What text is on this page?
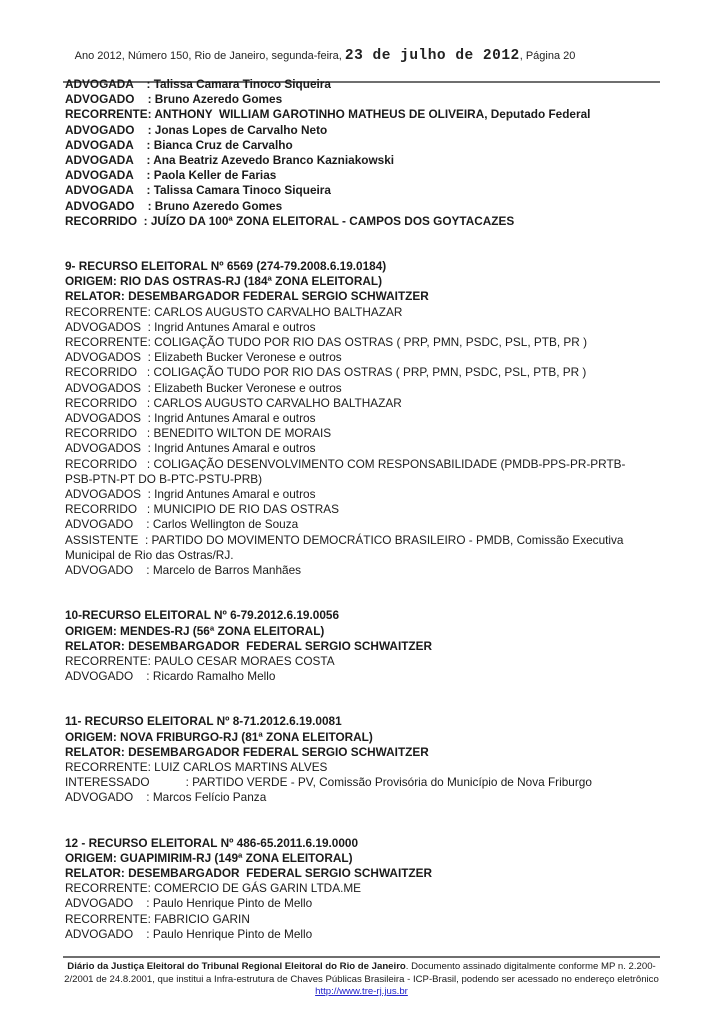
Ano 2012, Número 150, Rio de Janeiro, segunda-feira, 23 de julho de 2012, Página 20

ADVOGADA    : Talissa Camara Tinoco Siqueira
ADVOGADO    : Bruno Azeredo Gomes
RECORRENTE: ANTHONY  WILLIAM GAROTINHO MATHEUS DE OLIVEIRA, Deputado Federal
ADVOGADO    : Jonas Lopes de Carvalho Neto
ADVOGADA    : Bianca Cruz de Carvalho
ADVOGADA    : Ana Beatriz Azevedo Branco Kazniakowski
ADVOGADA    : Paola Keller de Farias
ADVOGADA    : Talissa Camara Tinoco Siqueira
ADVOGADO    : Bruno Azeredo Gomes
RECORRIDO  : JUÍZO DA 100ª ZONA ELEITORAL - CAMPOS DOS GOYTACAZES
9- RECURSO ELEITORAL Nº 6569 (274-79.2008.6.19.0184)
ORIGEM: RIO DAS OSTRAS-RJ (184ª ZONA ELEITORAL)
RELATOR: DESEMBARGADOR FEDERAL SERGIO SCHWAITZER
RECORRENTE: CARLOS AUGUSTO CARVALHO BALTHAZAR
ADVOGADOS  : Ingrid Antunes Amaral e outros
RECORRENTE: COLIGAÇÃO TUDO POR RIO DAS OSTRAS ( PRP, PMN, PSDC, PSL, PTB, PR )
ADVOGADOS  : Elizabeth Bucker Veronese e outros
RECORRIDO   : COLIGAÇÃO TUDO POR RIO DAS OSTRAS ( PRP, PMN, PSDC, PSL, PTB, PR )
ADVOGADOS  : Elizabeth Bucker Veronese e outros
RECORRIDO   : CARLOS AUGUSTO CARVALHO BALTHAZAR
ADVOGADOS  : Ingrid Antunes Amaral e outros
RECORRIDO   : BENEDITO WILTON DE MORAIS
ADVOGADOS  : Ingrid Antunes Amaral e outros
RECORRIDO   : COLIGAÇÃO DESENVOLVIMENTO COM RESPONSABILIDADE (PMDB-PPS-PR-PRTB-
PSB-PTN-PT DO B-PTC-PSTU-PRB)
ADVOGADOS  : Ingrid Antunes Amaral e outros
RECORRIDO   : MUNICIPIO DE RIO DAS OSTRAS
ADVOGADO    : Carlos Wellington de Souza
ASSISTENTE  : PARTIDO DO MOVIMENTO DEMOCRÁTICO BRASILEIRO - PMDB, Comissão Executiva
Municipal de Rio das Ostras/RJ.
ADVOGADO    : Marcelo de Barros Manhães
10-RECURSO ELEITORAL Nº 6-79.2012.6.19.0056
ORIGEM: MENDES-RJ (56ª ZONA ELEITORAL)
RELATOR: DESEMBARGADOR  FEDERAL SERGIO SCHWAITZER
RECORRENTE: PAULO CESAR MORAES COSTA
ADVOGADO    : Ricardo Ramalho Mello
11- RECURSO ELEITORAL Nº 8-71.2012.6.19.0081
ORIGEM: NOVA FRIBURGO-RJ (81ª ZONA ELEITORAL)
RELATOR: DESEMBARGADOR FEDERAL SERGIO SCHWAITZER
RECORRENTE: LUIZ CARLOS MARTINS ALVES
INTERESSADO           : PARTIDO VERDE - PV, Comissão Provisória do Município de Nova Friburgo
ADVOGADO    : Marcos Felício Panza
12 - RECURSO ELEITORAL Nº 486-65.2011.6.19.0000
ORIGEM: GUAPIMIRIM-RJ (149ª ZONA ELEITORAL)
RELATOR: DESEMBARGADOR  FEDERAL SERGIO SCHWAITZER
RECORRENTE: COMERCIO DE GÁS GARIN LTDA.ME
ADVOGADO    : Paulo Henrique Pinto de Mello
RECORRENTE: FABRICIO GARIN
ADVOGADO    : Paulo Henrique Pinto de Mello
Diário da Justiça Eleitoral do Tribunal Regional Eleitoral do Rio de Janeiro. Documento assinado digitalmente conforme MP n. 2.200-2/2001 de 24.8.2001, que institui a Infra-estrutura de Chaves Públicas Brasileira - ICP-Brasil, podendo ser acessado no endereço eletrônico http://www.tre-rj.jus.br
